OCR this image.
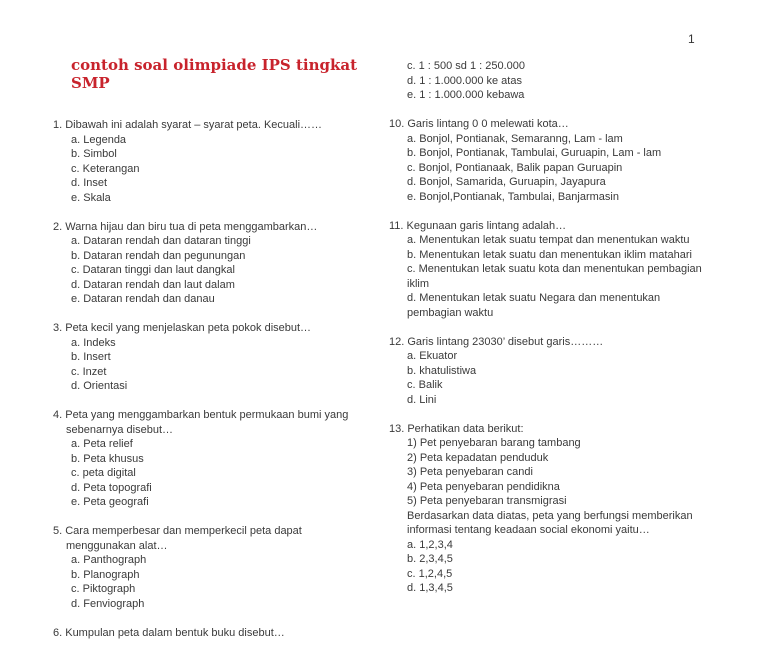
1
contoh soal olimpiade IPS tingkat SMP
1. Dibawah ini adalah syarat – syarat peta. Kecuali……
a. Legenda
b. Simbol
c. Keterangan
d. Inset
e. Skala
2. Warna hijau dan biru tua di peta menggambarkan…
a. Dataran rendah dan dataran tinggi
b. Dataran rendah dan pegunungan
c. Dataran tinggi dan laut dangkal
d. Dataran rendah dan laut dalam
e. Dataran rendah dan danau
3. Peta kecil yang menjelaskan peta pokok disebut…
a. Indeks
b. Insert
c. Inzet
d. Orientasi
4. Peta yang menggambarkan bentuk permukaan bumi yang sebenarnya disebut…
a. Peta relief
b. Peta khusus
c. peta digital
d. Peta topografi
e. Peta geografi
5. Cara memperbesar dan memperkecil peta dapat menggunakan alat…
a. Panthograph
b. Planograph
c. Piktograph
d. Fenviograph
6. Kumpulan peta dalam bentuk buku disebut…
c. 1 : 500 sd 1 : 250.000
d. 1 : 1.000.000 ke atas
e. 1 : 1.000.000 kebawa
10. Garis lintang 0 0 melewati kota…
a. Bonjol, Pontianak, Semaranng, Lam - lam
b. Bonjol, Pontianak, Tambulai, Guruapin, Lam - lam
c. Bonjol, Pontianaak, Balik papan Guruapin
d. Bonjol, Samarida, Guruapin, Jayapura
e. Bonjol,Pontianak, Tambulai, Banjarmasin
11. Kegunaan garis lintang adalah…
a. Menentukan letak suatu tempat dan menentukan waktu
b. Menentukan letak suatu dan menentukan iklim matahari
c. Menentukan letak suatu kota dan menentukan pembagian iklim
d. Menentukan letak suatu Negara dan menentukan pembagian waktu
12. Garis lintang 23030’ disebut garis………
a. Ekuator
b. khatulistiwa
c. Balik
d. Lini
13. Perhatikan data berikut:
1) Pet penyebaran barang tambang
2) Peta kepadatan penduduk
3) Peta penyebaran candi
4) Peta penyebaran pendidikna
5) Peta penyebaran transmigrasi
Berdasarkan data diatas, peta yang berfungsi memberikan informasi tentang keadaan social ekonomi yaitu…
a. 1,2,3,4
b. 2,3,4,5
c. 1,2,4,5
d. 1,3,4,5
